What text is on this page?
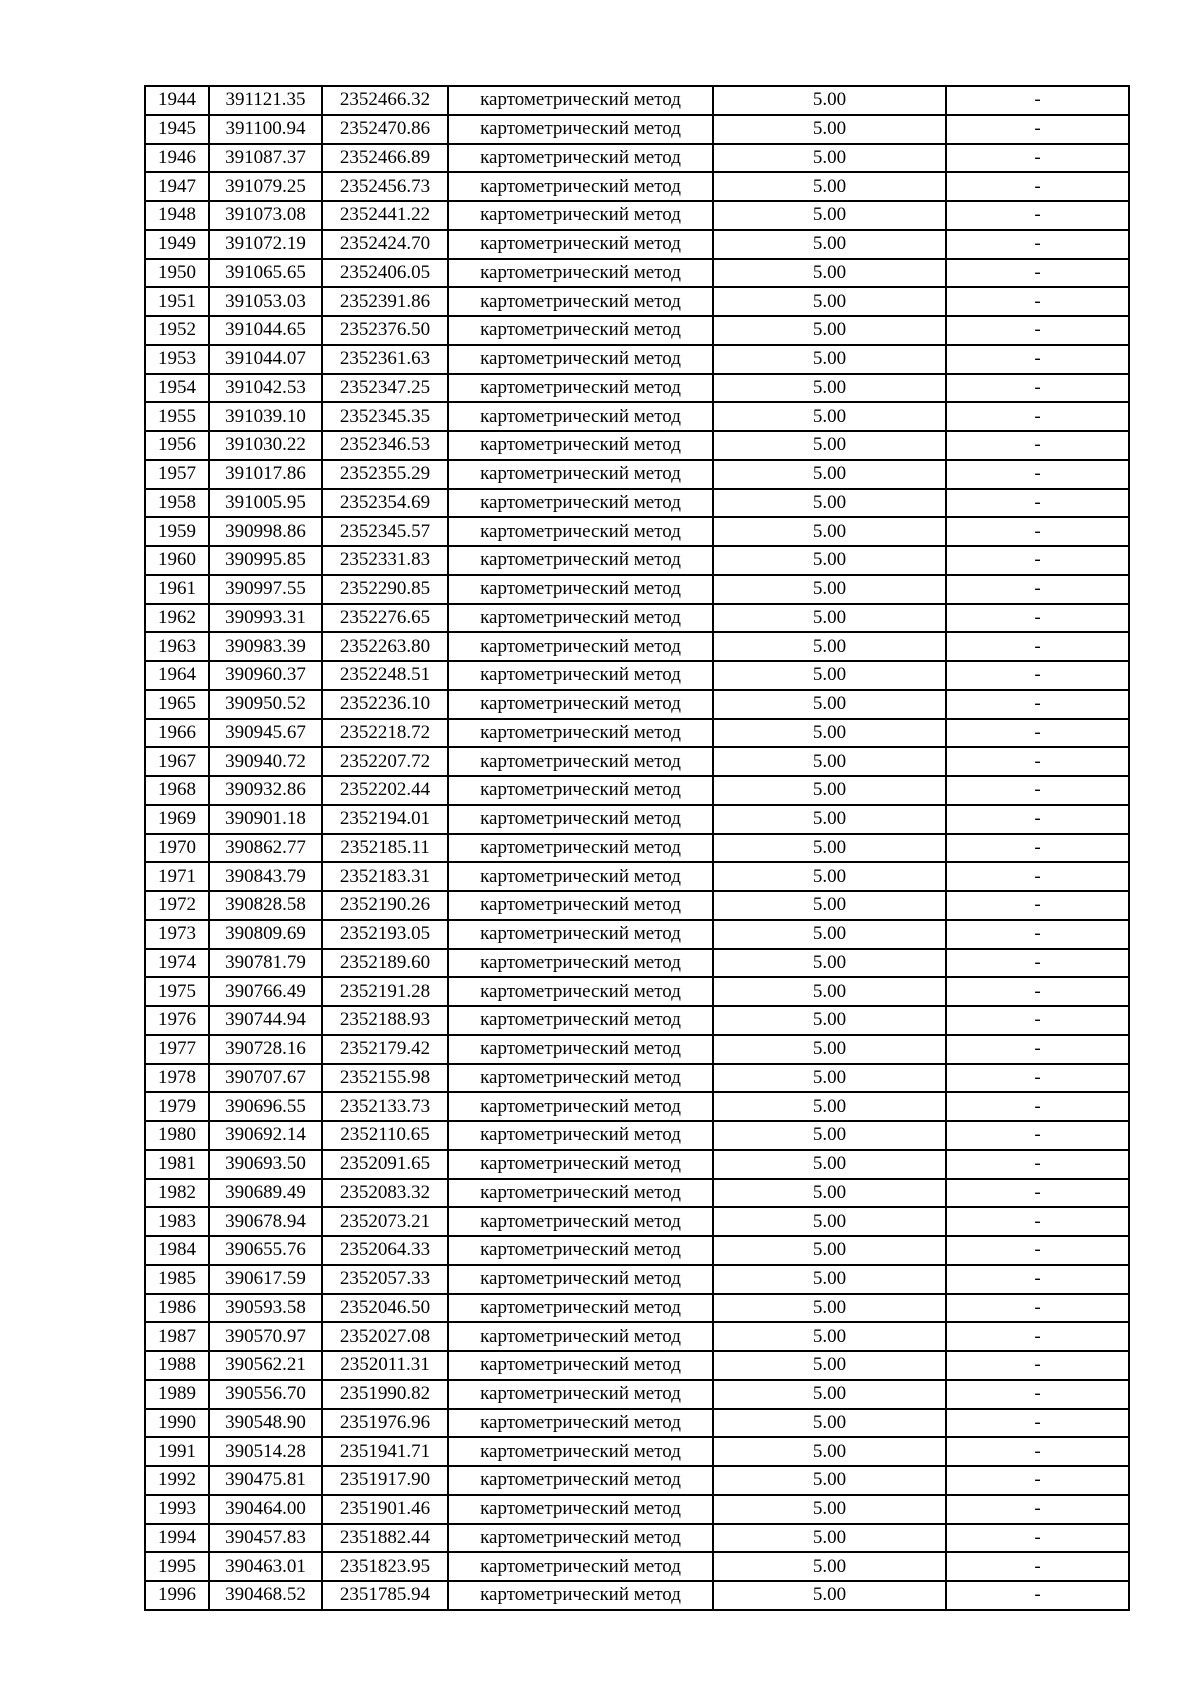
1944	391121.35	2352466.32	картометрический метод	5.00	-
1945	391100.94	2352470.86	картометрический метод	5.00	-
1946	391087.37	2352466.89	картометрический метод	5.00	-
1947	391079.25	2352456.73	картометрический метод	5.00	-
1948	391073.08	2352441.22	картометрический метод	5.00	-
1949	391072.19	2352424.70	картометрический метод	5.00	-
1950	391065.65	2352406.05	картометрический метод	5.00	-
1951	391053.03	2352391.86	картометрический метод	5.00	-
1952	391044.65	2352376.50	картометрический метод	5.00	-
1953	391044.07	2352361.63	картометрический метод	5.00	-
1954	391042.53	2352347.25	картометрический метод	5.00	-
1955	391039.10	2352345.35	картометрический метод	5.00	-
1956	391030.22	2352346.53	картометрический метод	5.00	-
1957	391017.86	2352355.29	картометрический метод	5.00	-
1958	391005.95	2352354.69	картометрический метод	5.00	-
1959	390998.86	2352345.57	картометрический метод	5.00	-
1960	390995.85	2352331.83	картометрический метод	5.00	-
1961	390997.55	2352290.85	картометрический метод	5.00	-
1962	390993.31	2352276.65	картометрический метод	5.00	-
1963	390983.39	2352263.80	картометрический метод	5.00	-
1964	390960.37	2352248.51	картометрический метод	5.00	-
1965	390950.52	2352236.10	картометрический метод	5.00	-
1966	390945.67	2352218.72	картометрический метод	5.00	-
1967	390940.72	2352207.72	картометрический метод	5.00	-
1968	390932.86	2352202.44	картометрический метод	5.00	-
1969	390901.18	2352194.01	картометрический метод	5.00	-
1970	390862.77	2352185.11	картометрический метод	5.00	-
1971	390843.79	2352183.31	картометрический метод	5.00	-
1972	390828.58	2352190.26	картометрический метод	5.00	-
1973	390809.69	2352193.05	картометрический метод	5.00	-
1974	390781.79	2352189.60	картометрический метод	5.00	-
1975	390766.49	2352191.28	картометрический метод	5.00	-
1976	390744.94	2352188.93	картометрический метод	5.00	-
1977	390728.16	2352179.42	картометрический метод	5.00	-
1978	390707.67	2352155.98	картометрический метод	5.00	-
1979	390696.55	2352133.73	картометрический метод	5.00	-
1980	390692.14	2352110.65	картометрический метод	5.00	-
1981	390693.50	2352091.65	картометрический метод	5.00	-
1982	390689.49	2352083.32	картометрический метод	5.00	-
1983	390678.94	2352073.21	картометрический метод	5.00	-
1984	390655.76	2352064.33	картометрический метод	5.00	-
1985	390617.59	2352057.33	картометрический метод	5.00	-
1986	390593.58	2352046.50	картометрический метод	5.00	-
1987	390570.97	2352027.08	картометрический метод	5.00	-
1988	390562.21	2352011.31	картометрический метод	5.00	-
1989	390556.70	2351990.82	картометрический метод	5.00	-
1990	390548.90	2351976.96	картометрический метод	5.00	-
1991	390514.28	2351941.71	картометрический метод	5.00	-
1992	390475.81	2351917.90	картометрический метод	5.00	-
1993	390464.00	2351901.46	картометрический метод	5.00	-
1994	390457.83	2351882.44	картометрический метод	5.00	-
1995	390463.01	2351823.95	картометрический метод	5.00	-
1996	390468.52	2351785.94	картометрический метод	5.00	-
